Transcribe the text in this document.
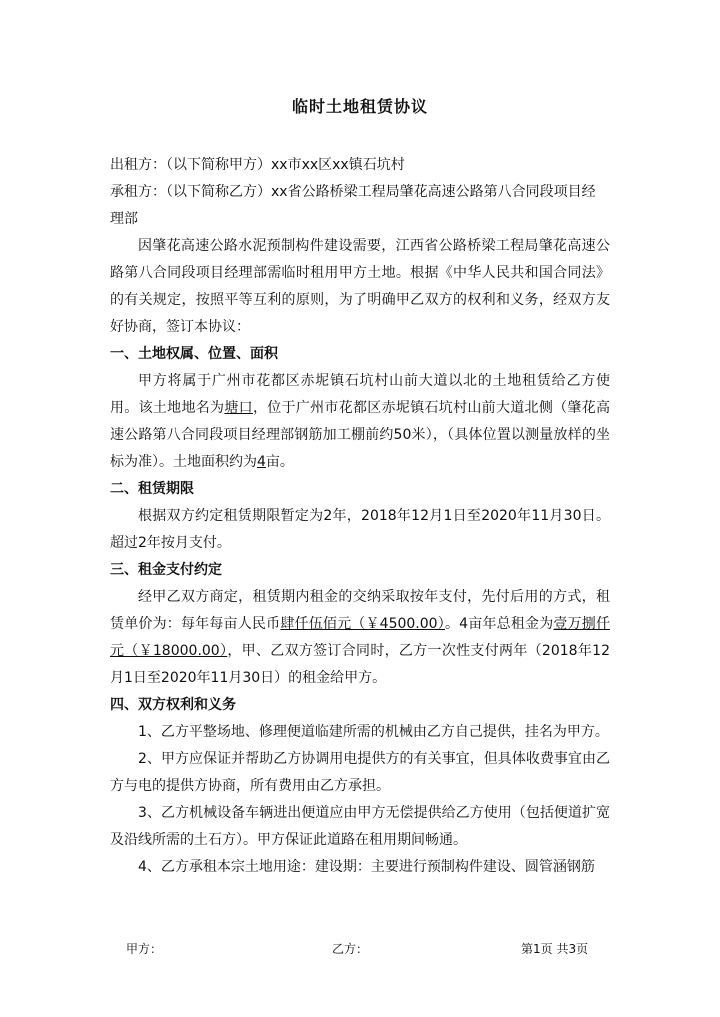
临时土地租赁协议
出租方：（以下简称甲方）xx市xx区xx镇石坑村
承租方：（以下简称乙方）xx省公路桥梁工程局肇花高速公路第八合同段项目经
理部
因肇花高速公路水泥预制构件建设需要，江西省公路桥梁工程局肇花高速公路第八合同段项目经理部需临时租用甲方土地。根据《中华人民共和国合同法》的有关规定，按照平等互利的原则，为了明确甲乙双方的权利和义务，经双方友好协商，签订本协议：
一、土地权属、位置、面积
甲方将属于广州市花都区赤坭镇石坑村山前大道以北的土地租赁给乙方使用。该土地地名为塘口，位于广州市花都区赤坭镇石坑村山前大道北侧（肇花高速公路第八合同段项目经理部钢筋加工棚前约50米），（具体位置以测量放样的坐标为准）。土地面积约为4亩。
二、租赁期限
根据双方约定租赁期限暂定为2年，2018年12月1日至2020年11月30日。超过2年按月支付。
三、租金支付约定
经甲乙双方商定，租赁期内租金的交纳采取按年支付，先付后用的方式，租赁单价为：每年每亩人民币肆仟伍佰元（￥4500.00）。4亩年总租金为壹万捌仟元（￥18000.00），甲、乙双方签订合同时，乙方一次性支付两年（2018年12月1日至2020年11月30日）的租金给甲方。
四、双方权利和义务
1、乙方平整场地、修理便道临建所需的机械由乙方自己提供，挂名为甲方。
2、甲方应保证并帮助乙方协调用电提供方的有关事宜，但具体收费事宜由乙方与电的提供方协商，所有费用由乙方承担。
3、乙方机械设备车辆进出便道应由甲方无偿提供给乙方使用（包括便道扩宽及沿线所需的土石方）。甲方保证此道路在租用期间畅通。
4、乙方承租本宗土地用途：建设期：主要进行预制构件建设、圆管涵钢筋
甲方：	乙方：	第1页 共3页
